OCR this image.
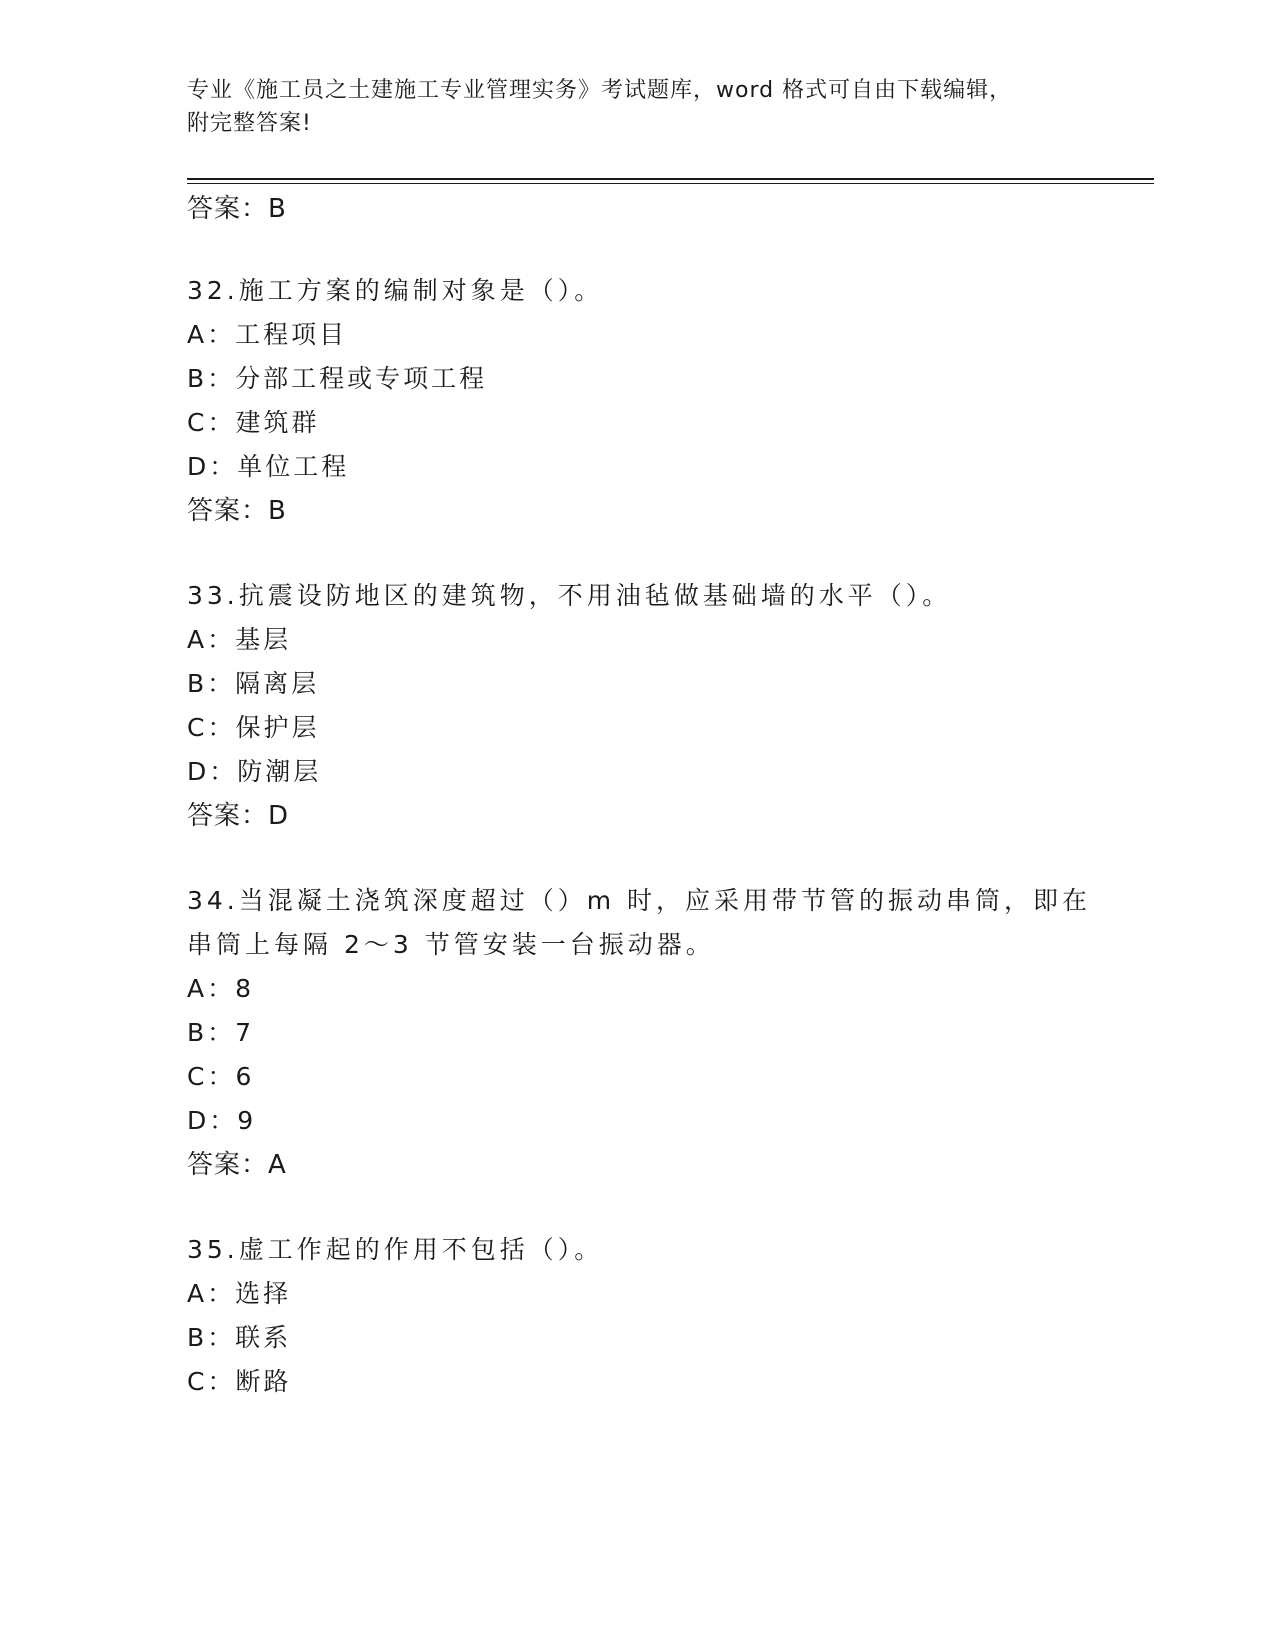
专业《施工员之土建施工专业管理实务》考试题库，word 格式可自由下载编辑，
附完整答案!
答案：B
32.施工方案的编制对象是（）。
A：工程项目
B：分部工程或专项工程
C：建筑群
D：单位工程
答案：B
33.抗震设防地区的建筑物，不用油毡做基础墙的水平（）。
A：基层
B：隔离层
C：保护层
D：防潮层
答案：D
34.当混凝土浇筑深度超过（）m 时，应采用带节管的振动串筒，即在
串筒上每隔 2～3 节管安装一台振动器。
A：8
B：7
C：6
D：9
答案：A
35.虚工作起的作用不包括（）。
A：选择
B：联系
C：断路
